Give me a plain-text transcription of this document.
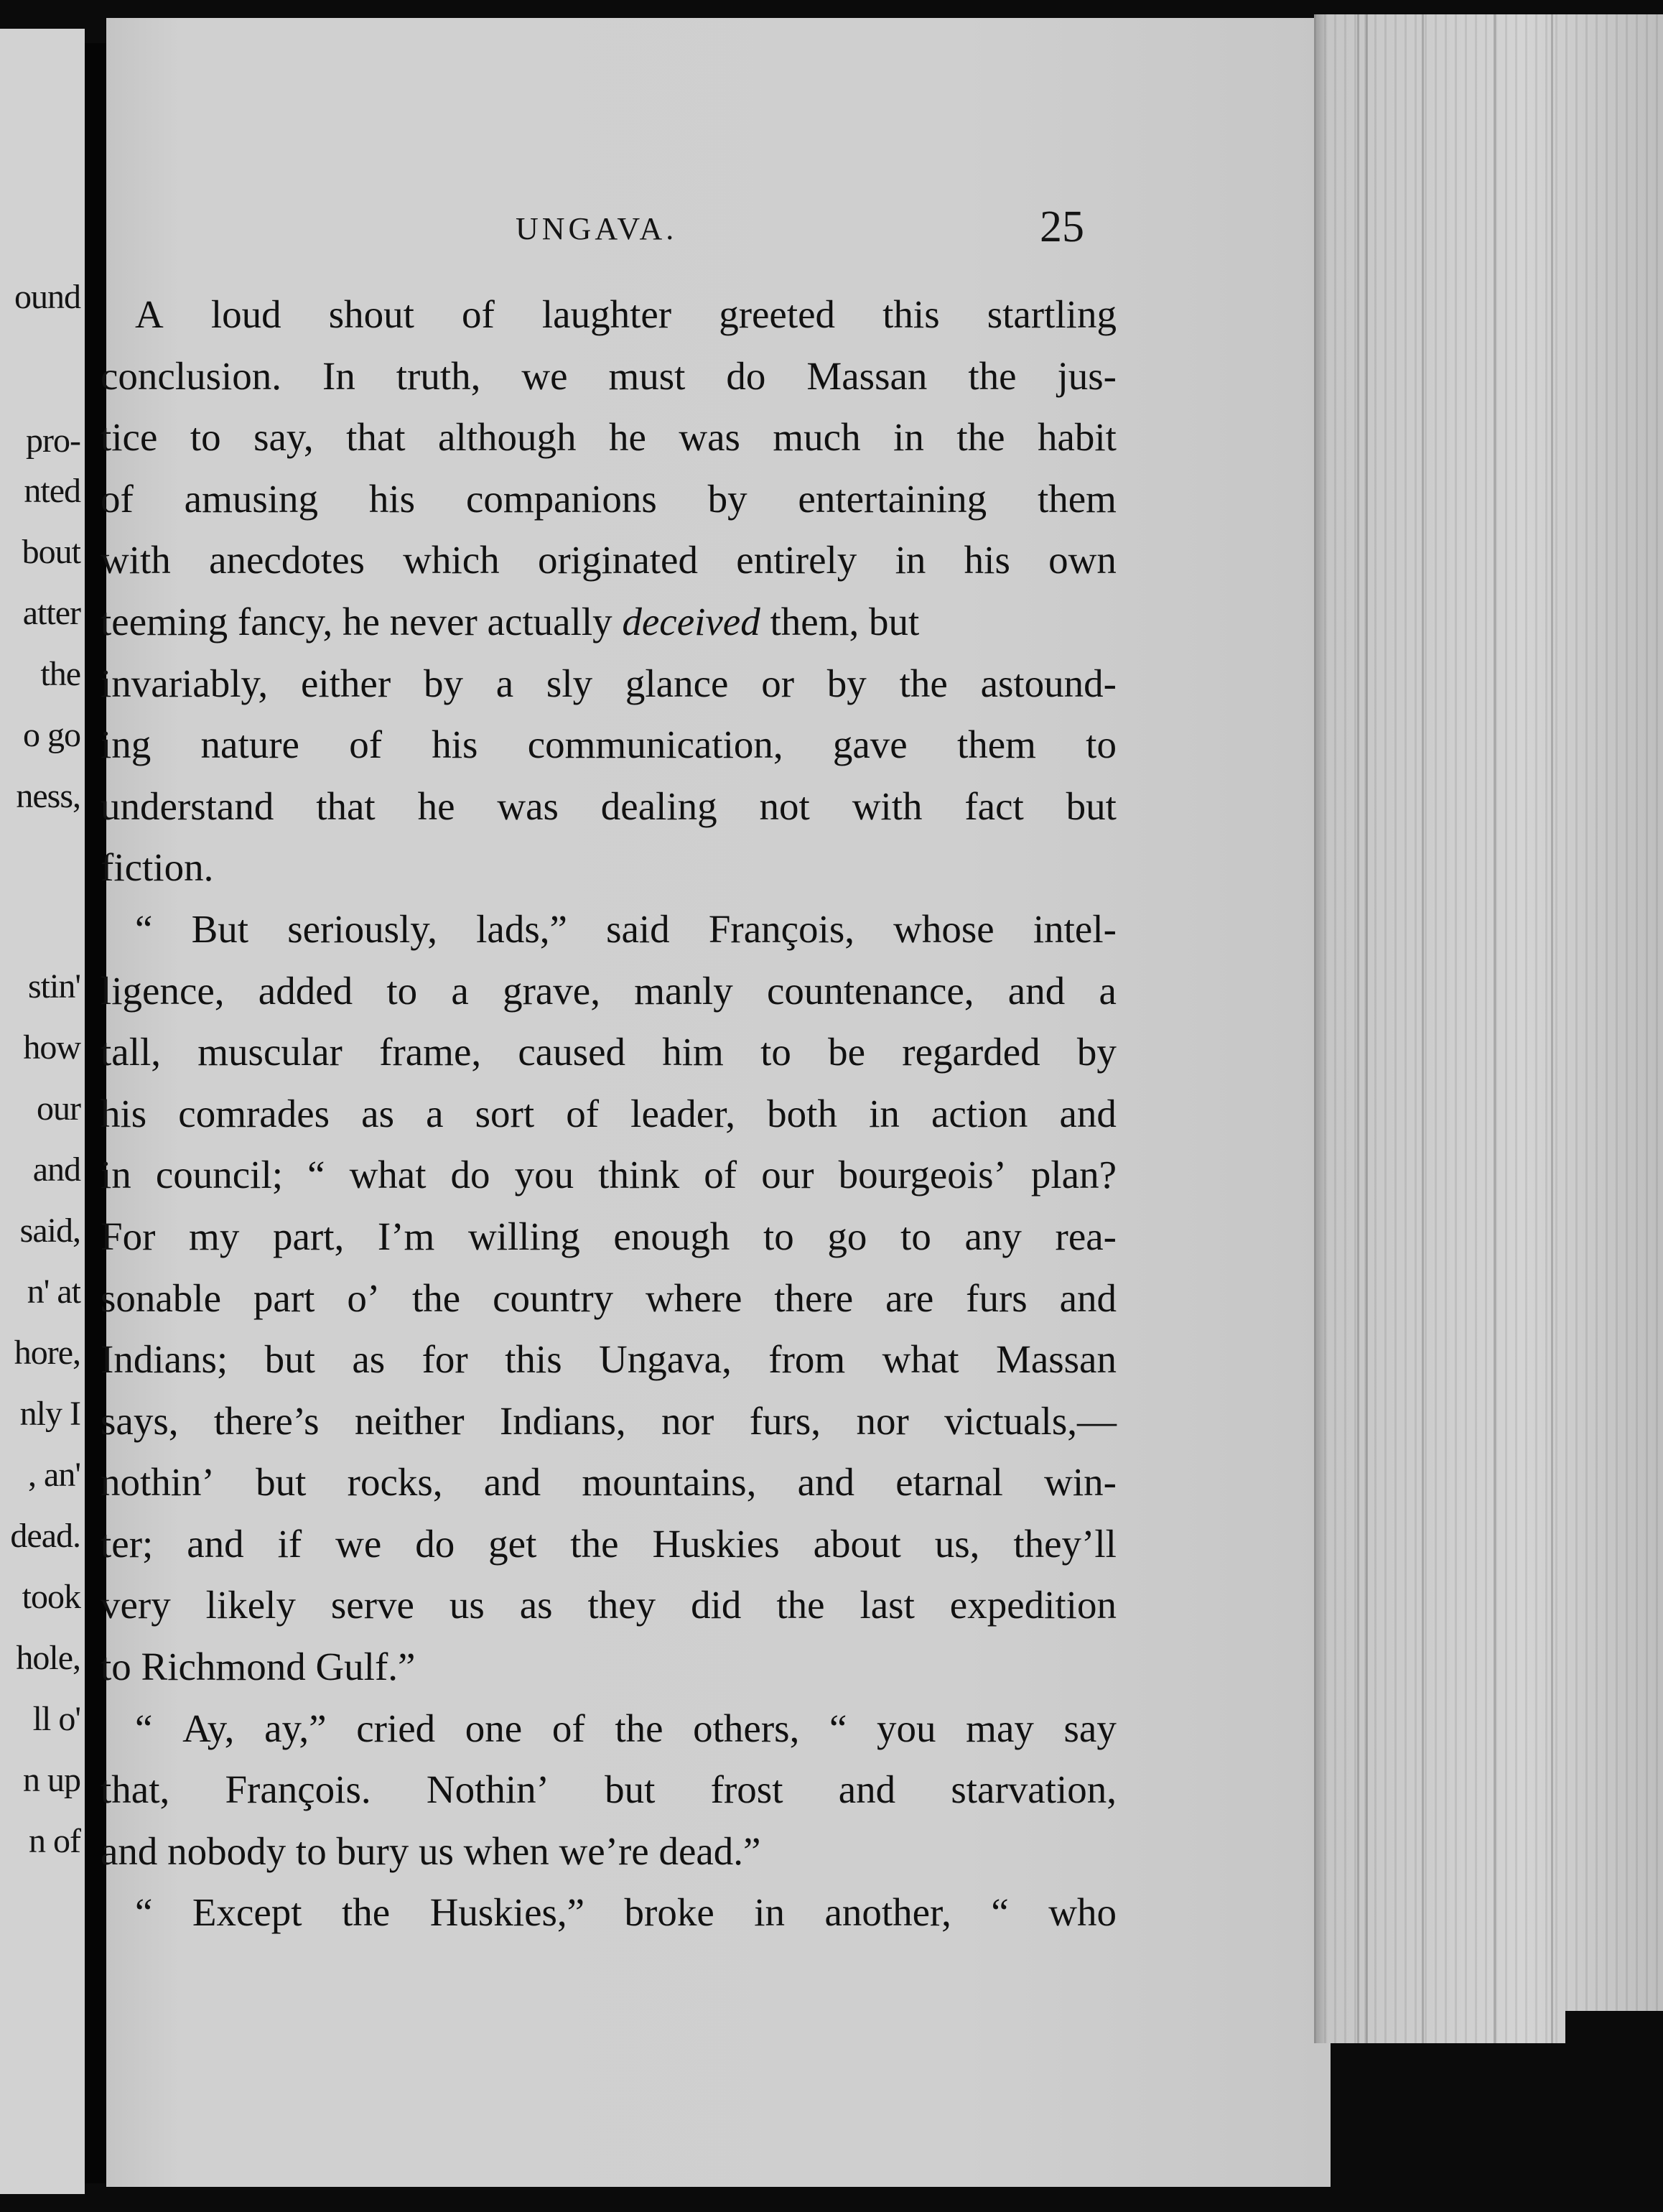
ound
pro-
nted
bout
atter
the
o go
ness,
stin'
how
our
and
said,
n' at
hore,
nly I
, an'
dead.
took
hole,
ll o'
n up
n of
UNGAVA.	25
A loud shout of laughter greeted this startling
conclusion. In truth, we must do Massan the jus-
tice to say, that although he was much in the habit
of amusing his companions by entertaining them
with anecdotes which originated entirely in his own
teeming fancy, he never actually deceived them, but
invariably, either by a sly glance or by the astound-
ing nature of his communication, gave them to
understand that he was dealing not with fact but
fiction.
“ But seriously, lads,” said François, whose intel-
ligence, added to a grave, manly countenance, and a
tall, muscular frame, caused him to be regarded by
his comrades as a sort of leader, both in action and
in council; “ what do you think of our bourgeois’ plan?
For my part, I’m willing enough to go to any rea-
sonable part o’ the country where there are furs and
Indians; but as for this Ungava, from what Massan
says, there’s neither Indians, nor furs, nor victuals,—
nothin’ but rocks, and mountains, and etarnal win-
ter; and if we do get the Huskies about us, they’ll
very likely serve us as they did the last expedition
to Richmond Gulf.”
“ Ay, ay,” cried one of the others, “ you may say
that, François. Nothin’ but frost and starvation,
and nobody to bury us when we’re dead.”
“ Except the Huskies,” broke in another, “ who
